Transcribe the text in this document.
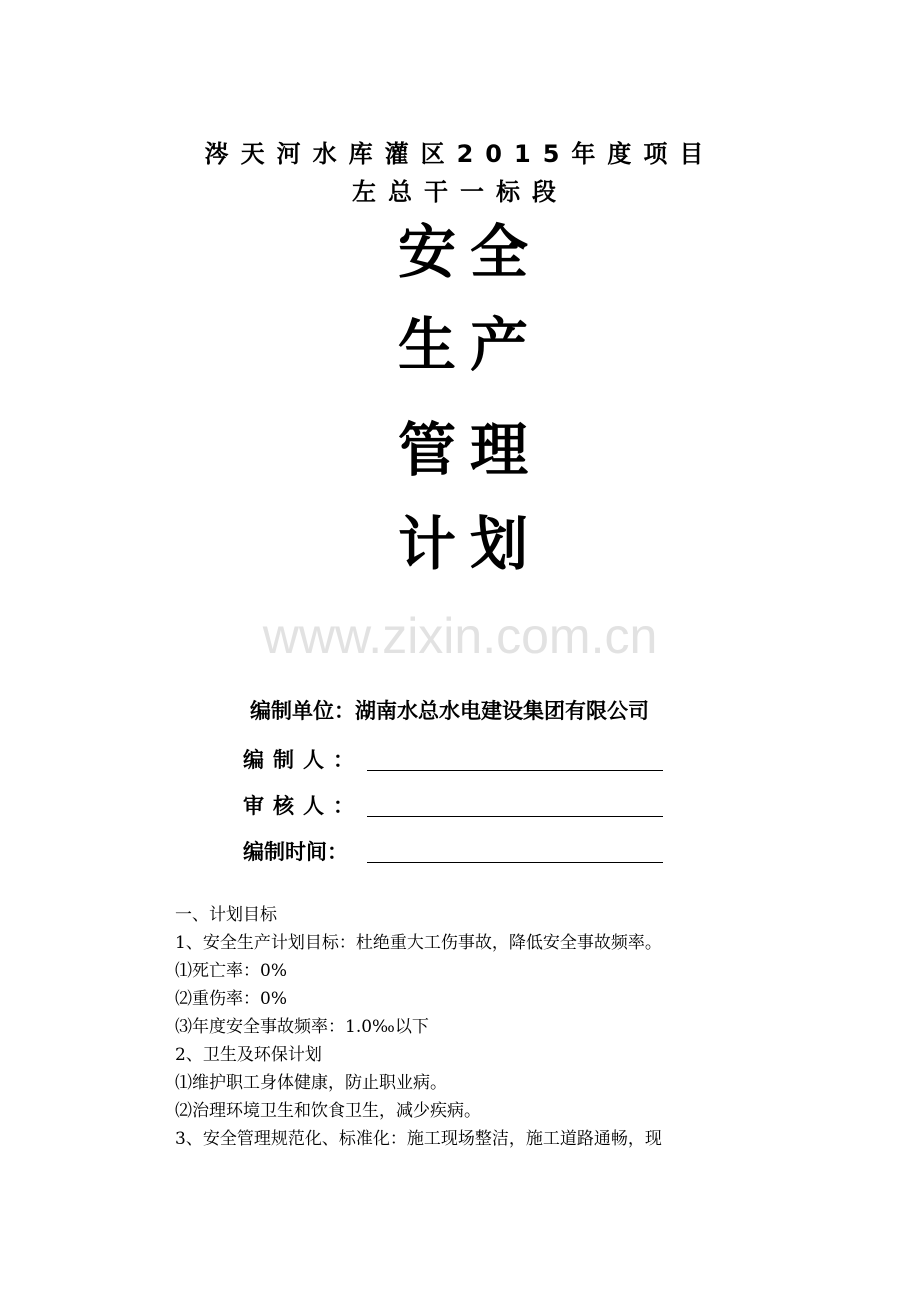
涔天河水库灌区2015年度项目
左总干一标段
安全
生产
管理
计划
www.zixin.com.cn
编制单位：湖南水总水电建设集团有限公司
编制人：
审核人：
编制时间：

一、计划目标

1、安全生产计划目标：杜绝重大工伤事故，降低安全事故频率。

⑴死亡率：0%

⑵重伤率：0%

⑶年度安全事故频率：1.0‰以下

2、卫生及环保计划

⑴维护职工身体健康，防止职业病。

⑵治理环境卫生和饮食卫生，减少疾病。

3、安全管理规范化、标准化：施工现场整洁，施工道路通畅，现
